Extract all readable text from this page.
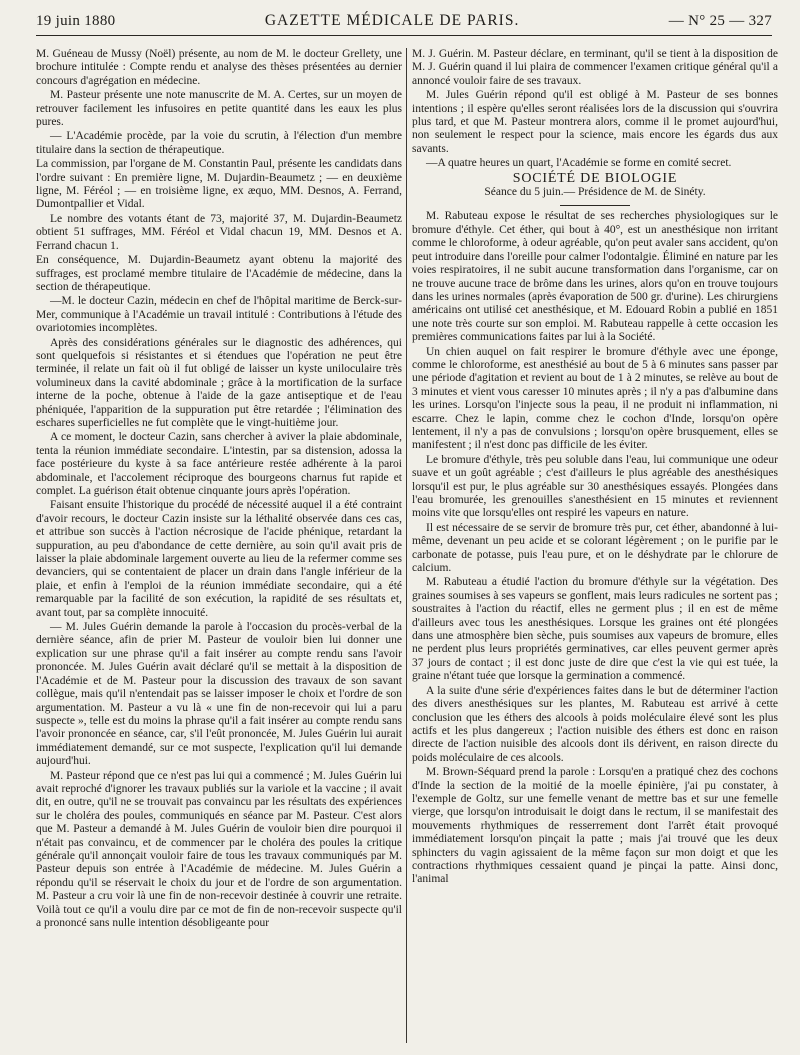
19 juin 1880	GAZETTE MÉDICALE DE PARIS.	— N° 25 — 327

M. Guéneau de Mussy (Noël) présente, au nom de M. le docteur Grellety, une brochure intitulée : Compte rendu et analyse des thèses présentées au dernier concours d'agrégation en médecine.

M. Pasteur présente une note manuscrite de M. A. Certes, sur un moyen de retrouver facilement les infusoires en petite quantité dans les eaux les plus pures.

— L'Académie procède, par la voie du scrutin, à l'élection d'un membre titulaire dans la section de thérapeutique.

La commission, par l'organe de M. Constantin Paul, présente les candidats dans l'ordre suivant : En première ligne, M. Dujardin-Beaumetz ; — en deuxième ligne, M. Féréol ; — en troisième ligne, ex æquo, MM. Desnos, A. Ferrand, Dumontpallier et Vidal.

Le nombre des votants étant de 73, majorité 37, M. Dujardin-Beaumetz obtient 51 suffrages, MM. Féréol et Vidal chacun 19, MM. Desnos et A. Ferrand chacun 1.

En conséquence, M. Dujardin-Beaumetz ayant obtenu la majorité des suffrages, est proclamé membre titulaire de l'Académie de médecine, dans la section de thérapeutique.

—M. le docteur Cazin, médecin en chef de l'hôpital maritime de Berck-sur-Mer, communique à l'Académie un travail intitulé : Contributions à l'étude des ovariotomies incomplètes.

Après des considérations générales sur le diagnostic des adhérences, qui sont quelquefois si résistantes et si étendues que l'opération ne peut être terminée, il relate un fait où il fut obligé de laisser un kyste uniloculaire très volumineux dans la cavité abdominale ; grâce à la mortification de la surface interne de la poche, obtenue à l'aide de la gaze antiseptique et de l'eau phéniquée, l'apparition de la suppuration put être retardée ; l'élimination des eschares superficielles ne fut complète que le vingt-huitième jour.

A ce moment, le docteur Cazin, sans chercher à aviver la plaie abdominale, tenta la réunion immédiate secondaire. L'intestin, par sa distension, adossa la face postérieure du kyste à sa face antérieure restée adhérente à la paroi abdominale, et l'accolement réciproque des bourgeons charnus fut rapide et complet. La guérison était obtenue cinquante jours après l'opération.

Faisant ensuite l'historique du procédé de nécessité auquel il a été contraint d'avoir recours, le docteur Cazin insiste sur la léthalité observée dans ces cas, et attribue son succès à l'action nécrosique de l'acide phénique, retardant la suppuration, au peu d'abondance de cette dernière, au soin qu'il avait pris de laisser la plaie abdominale largement ouverte au lieu de la refermer comme ses devanciers, qui se contentaient de placer un drain dans l'angle inférieur de la plaie, et enfin à l'emploi de la réunion immédiate secondaire, qui a été remarquable par la facilité de son exécution, la rapidité de ses résultats et, avant tout, par sa complète innocuité.

— M. Jules Guérin demande la parole à l'occasion du procès-verbal de la dernière séance, afin de prier M. Pasteur de vouloir bien lui donner une explication sur une phrase qu'il a fait insérer au compte rendu sans l'avoir prononcée. M. Jules Guérin avait déclaré qu'il se mettait à la disposition de l'Académie et de M. Pasteur pour la discussion des travaux de son savant collègue, mais qu'il n'entendait pas se laisser imposer le choix et l'ordre de son argumentation. M. Pasteur a vu là « une fin de non-recevoir qui lui a paru suspecte », telle est du moins la phrase qu'il a fait insérer au compte rendu sans l'avoir prononcée en séance, car, s'il l'eût prononcée, M. Jules Guérin lui aurait immédiatement demandé, sur ce mot suspecte, l'explication qu'il lui demande aujourd'hui.

M. Pasteur répond que ce n'est pas lui qui a commencé ; M. Jules Guérin lui avait reproché d'ignorer les travaux publiés sur la variole et la vaccine ; il avait dit, en outre, qu'il ne se trouvait pas convaincu par les résultats des expériences sur le choléra des poules, communiqués en séance par M. Pasteur. C'est alors que M. Pasteur a demandé à M. Jules Guérin de vouloir bien dire pourquoi il n'était pas convaincu, et de commencer par le choléra des poules la critique générale qu'il annonçait vouloir faire de tous les travaux communiqués par M. Pasteur depuis son entrée à l'Académie de médecine. M. Jules Guérin a répondu qu'il se réservait le choix du jour et de l'ordre de son argumentation. M. Pasteur a cru voir là une fin de non-recevoir destinée à couvrir une retraite. Voilà tout ce qu'il a voulu dire par ce mot de fin de non-recevoir suspecte qu'il a prononcé sans nulle intention désobligeante pour

M. J. Guérin. M. Pasteur déclare, en terminant, qu'il se tient à la disposition de M. J. Guérin quand il lui plaira de commencer l'examen critique général qu'il a annoncé vouloir faire de ses travaux.

M. Jules Guérin répond qu'il est obligé à M. Pasteur de ses bonnes intentions ; il espère qu'elles seront réalisées lors de la discussion qui s'ouvrira plus tard, et que M. Pasteur montrera alors, comme il le promet aujourd'hui, non seulement le respect pour la science, mais encore les égards dus aux savants.

—A quatre heures un quart, l'Académie se forme en comité secret.

SOCIÉTÉ DE BIOLOGIE

Séance du 5 juin.— Présidence de M. de Sinéty.

M. Rabuteau expose le résultat de ses recherches physiologiques sur le bromure d'éthyle. Cet éther, qui bout à 40°, est un anesthésique non irritant comme le chloroforme, à odeur agréable, qu'on peut avaler sans accident, qu'on peut introduire dans l'oreille pour calmer l'odontalgie. Éliminé en nature par les voies respiratoires, il ne subit aucune transformation dans l'organisme, car on ne trouve aucune trace de brôme dans les urines, alors qu'on en trouve toujours dans les urines normales (après évaporation de 500 gr. d'urine). Les chirurgiens américains ont utilisé cet anesthésique, et M. Edouard Robin a publié en 1851 une note très courte sur son emploi. M. Rabuteau rappelle à cette occasion les premières communications faites par lui à la Société.

Un chien auquel on fait respirer le bromure d'éthyle avec une éponge, comme le chloroforme, est anesthésié au bout de 5 à 6 minutes sans passer par une période d'agitation et revient au bout de 1 à 2 minutes, se relève au bout de 3 minutes et vient vous caresser 10 minutes après ; il n'y a pas d'albumine dans les urines. Lorsqu'on l'injecte sous la peau, il ne produit ni inflammation, ni escarre. Chez le lapin, comme chez le cochon d'Inde, lorsqu'on opère lentement, il n'y a pas de convulsions ; lorsqu'on opère brusquement, elles se manifestent ; il n'est donc pas difficile de les éviter.

Le bromure d'éthyle, très peu soluble dans l'eau, lui communique une odeur suave et un goût agréable ; c'est d'ailleurs le plus agréable des anesthésiques lorsqu'il est pur, le plus agréable sur 30 anesthésiques essayés. Plongées dans l'eau bromurée, les grenouilles s'anesthésient en 15 minutes et reviennent moins vite que lorsqu'elles ont respiré les vapeurs en nature.

Il est nécessaire de se servir de bromure très pur, cet éther, abandonné à lui-même, devenant un peu acide et se colorant légèrement ; on le purifie par le carbonate de potasse, puis l'eau pure, et on le déshydrate par le chlorure de calcium.

M. Rabuteau a étudié l'action du bromure d'éthyle sur la végétation. Des graines soumises à ses vapeurs se gonflent, mais leurs radicules ne sortent pas ; soustraites à l'action du réactif, elles ne germent plus ; il en est de même d'ailleurs avec tous les anesthésiques. Lorsque les graines ont été plongées dans une atmosphère bien sèche, puis soumises aux vapeurs de bromure, elles ne perdent plus leurs propriétés germinatives, car elles peuvent germer après 37 jours de contact ; il est donc juste de dire que c'est la vie qui est tuée, la graine n'étant tuée que lorsque la germination a commencé.

A la suite d'une série d'expériences faites dans le but de déterminer l'action des divers anesthésiques sur les plantes, M. Rabuteau est arrivé à cette conclusion que les éthers des alcools à poids moléculaire élevé sont les plus actifs et les plus dangereux ; l'action nuisible des éthers est donc en raison directe de l'action nuisible des alcools dont ils dérivent, en raison directe du poids moléculaire de ces alcools.

M. Brown-Séquard prend la parole : Lorsqu'en a pratiqué chez des cochons d'Inde la section de la moitié de la moelle épinière, j'ai pu constater, à l'exemple de Goltz, sur une femelle venant de mettre bas et sur une femelle vierge, que lorsqu'on introduisait le doigt dans le rectum, il se manifestait des mouvements rhythmiques de resserrement dont l'arrêt était provoqué immédiatement lorsqu'on pinçait la patte ; mais j'ai trouvé que les deux sphincters du vagin agissaient de la même façon sur mon doigt et que les contractions rhythmiques cessaient quand je pinçai la patte. Ainsi donc, l'animal
